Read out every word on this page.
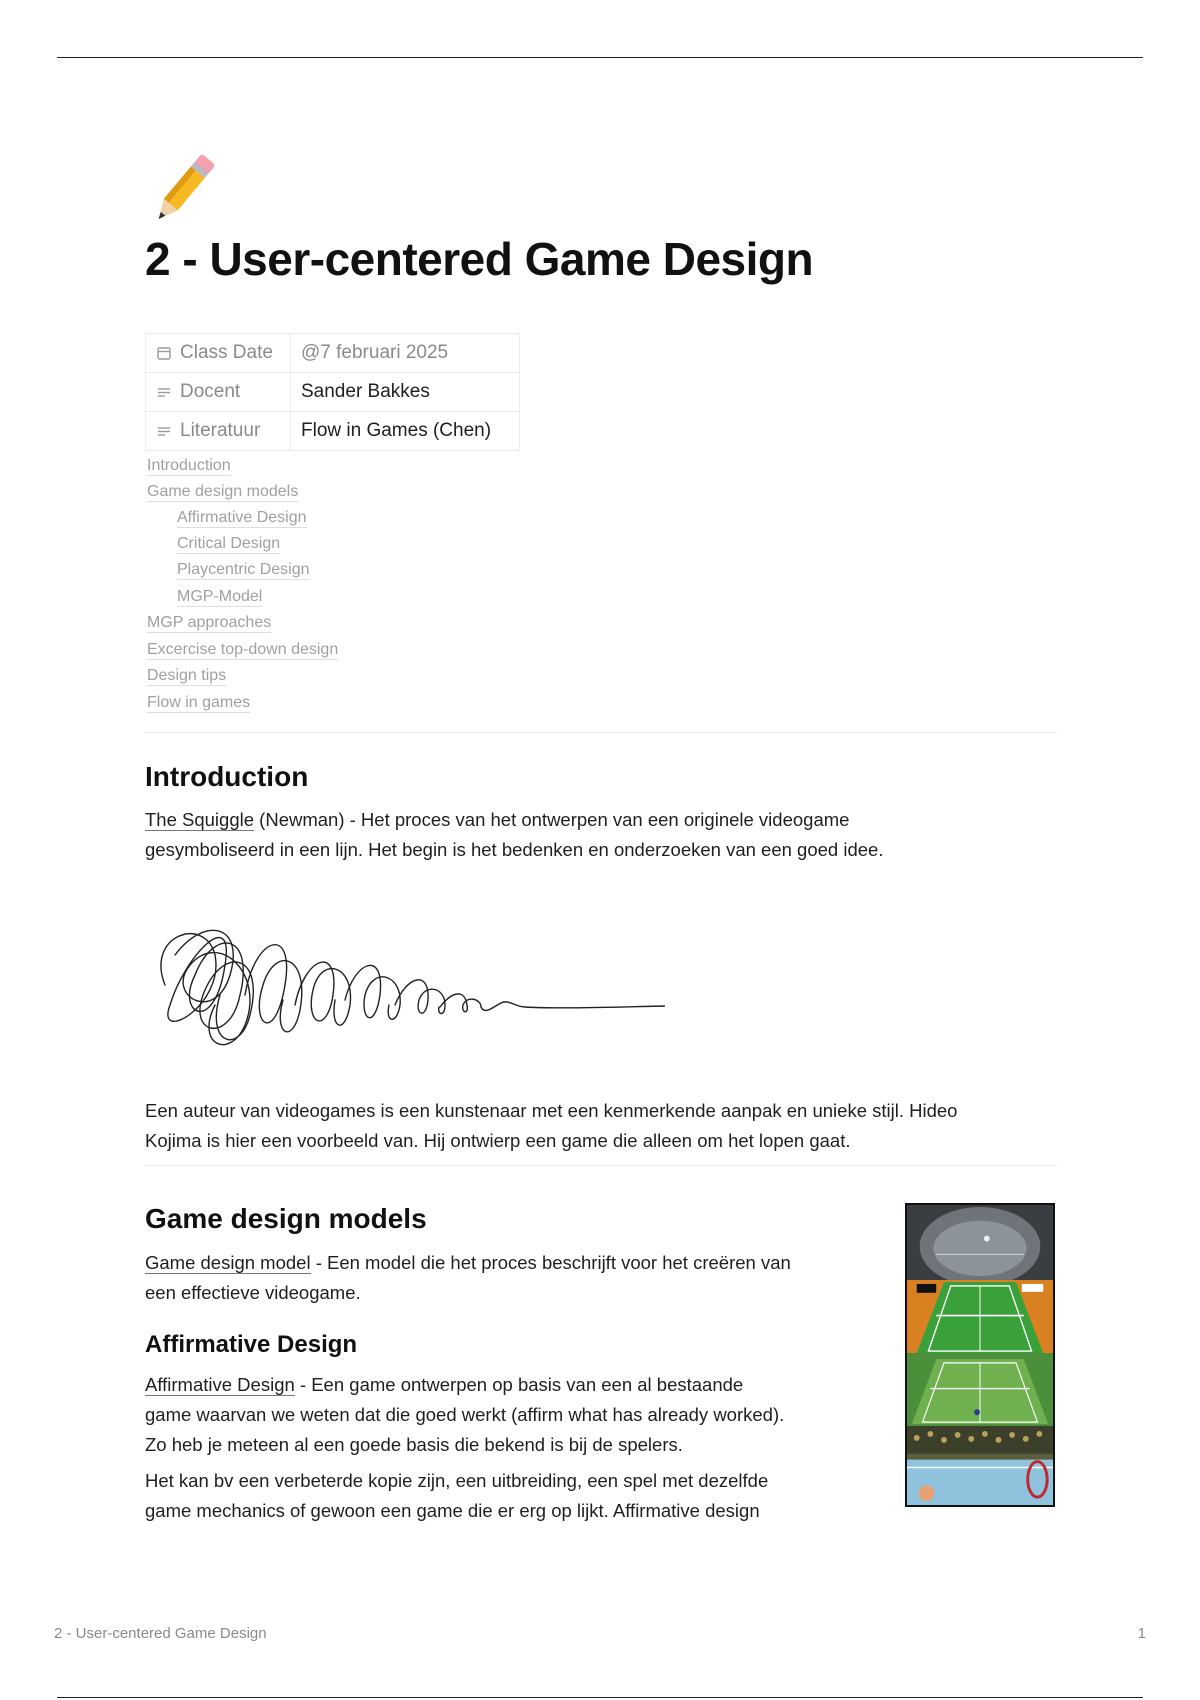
2 - User-centered Game Design
Class Date	@7 februari 2025

Docent	Sander Bakkes

Literatuur	Flow in Games (Chen)
Introduction
Game design models
Affirmative Design
Critical Design
Playcentric Design
MGP-Model
MGP approaches
Excercise top-down design
Design tips
Flow in games
Introduction

The Squiggle (Newman) - Het proces van het ontwerpen van een originele videogame
gesymboliseerd in een lijn. Het begin is het bedenken en onderzoeken van een goed idee.

Een auteur van videogames is een kunstenaar met een kenmerkende aanpak en unieke stijl. Hideo
Kojima is hier een voorbeeld van. Hij ontwierp een game die alleen om het lopen gaat.

Game design models

Game design model - Een model die het proces beschrijft voor het creëren van
een effectieve videogame.

Affirmative Design

Affirmative Design - Een game ontwerpen op basis van een al bestaande
game waarvan we weten dat die goed werkt (affirm what has already worked).
Zo heb je meteen al een goede basis die bekend is bij de spelers.

Het kan bv een verbeterde kopie zijn, een uitbreiding, een spel met dezelfde
game mechanics of gewoon een game die er erg op lijkt. Affirmative design

2 - User-centered Game Design	1
